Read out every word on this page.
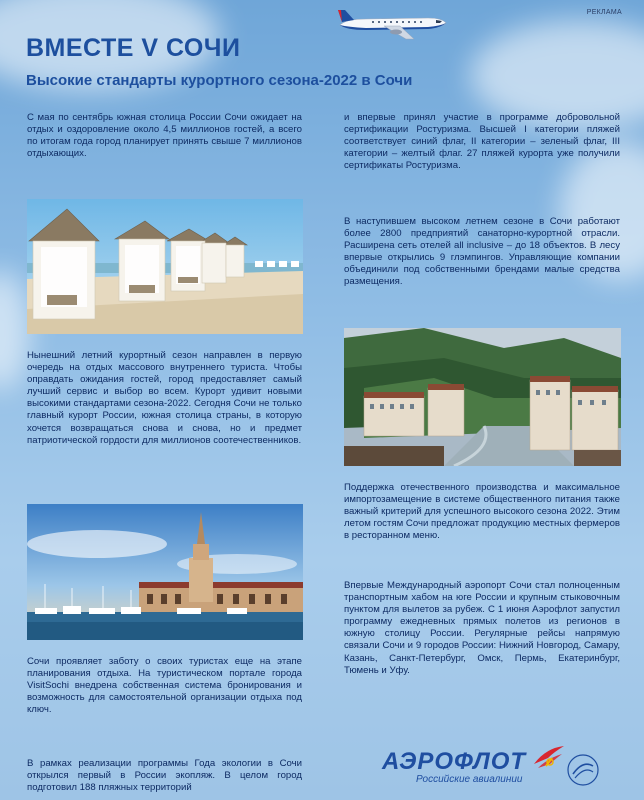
РЕКЛАМА
ВМЕСТЕ V СОЧИ
Высокие стандарты курортного сезона-2022 в Сочи

С мая по сентябрь южная столица России Сочи ожидает на отдых и оздоровление около 4,5 миллионов гостей, а всего по итогам года город планирует принять свыше 7 миллионов отдыхающих.

Нынешний летний курортный сезон направлен в первую очередь на отдых массового внутреннего туриста. Чтобы оправдать ожидания гостей, город предоставляет самый лучший сервис и выбор во всем. Курорт удивит новыми высокими стандартами сезона-2022. Сегодня Сочи не только главный курорт России, южная столица страны, в которую хочется возвращаться снова и снова, но и предмет патриотической гордости для миллионов соотечественников.

Сочи проявляет заботу о своих туристах еще на этапе планирования отдыха. На туристическом портале города VisitSochi внедрена собственная система бронирования и возможность для самостоятельной организации отдыха под ключ.

В рамках реализации программы Года экологии в Сочи открылся первый в России экопляж. В целом город подготовил 188 пляжных территорий

и впервые принял участие в программе добровольной сертификации Ростуризма. Высшей I категории пляжей соответствует синий флаг, II категории – зеленый флаг, III категории – желтый флаг. 27 пляжей курорта уже получили сертификаты Ростуризма.

В наступившем высоком летнем сезоне в Сочи работают более 2800 предприятий санаторно-курортной отрасли. Расширена сеть отелей all inclusive – до 18 объектов. В лесу впервые открылись 9 глэмпингов. Управляющие компании объединили под собственными брендами малые средства размещения.

Поддержка отечественного производства и максимальное импортозамещение в системе общественного питания также важный критерий для успешного высокого сезона 2022. Этим летом гостям Сочи предложат продукцию местных фермеров в ресторанном меню.

Впервые Международный аэропорт Сочи стал полноценным транспортным хабом на юге России и крупным стыковочным пунктом для вылетов за рубеж. С 1 июня Аэрофлот запустил программу ежедневных прямых полетов из регионов в южную столицу России. Регулярные рейсы напрямую связали Сочи и 9 городов России: Нижний Новгород, Самару, Казань, Санкт-Петербург, Омск, Пермь, Екатеринбург, Тюмень и Уфу.

АЭРОФЛОТ
Российские авиалинии
